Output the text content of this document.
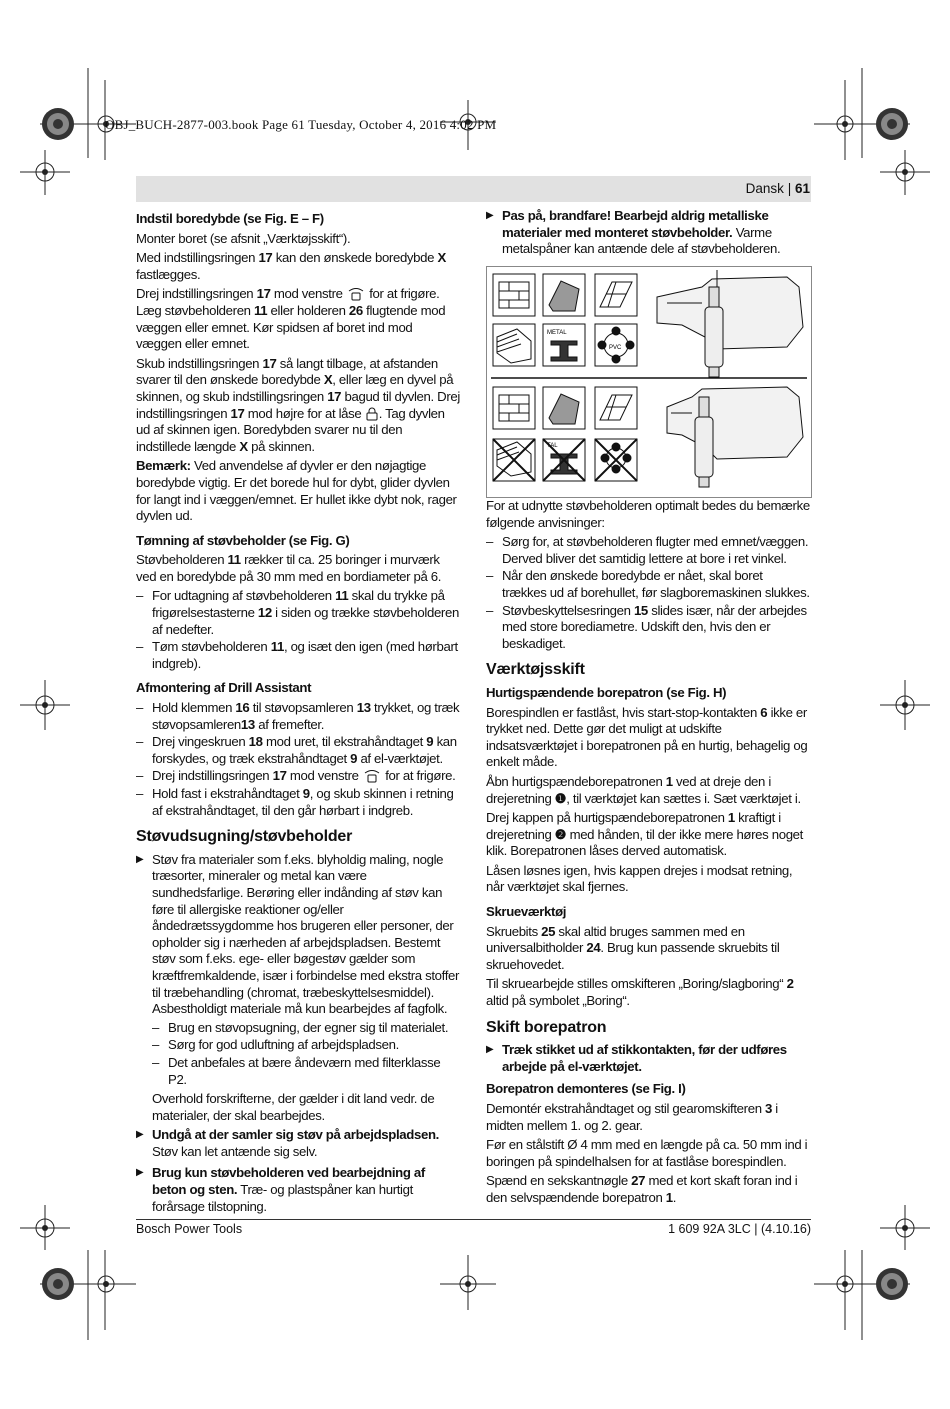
OBJ_BUCH-2877-003.book Page 61 Tuesday, October 4, 2016 4:02 PM
Dansk | 61
Indstil boredybde (se Fig. E – F)

Monter boret (se afsnit „Værktøjsskift“).

Med indstillingsringen 17 kan den ønskede boredybde X fastlægges.

Drej indstillingsringen 17 mod venstre  for at frigøre. Læg støvbeholderen 11 eller holderen 26 flugtende mod væggen eller emnet. Kør spidsen af boret ind mod væggen eller emnet.

Skub indstillingsringen 17 så langt tilbage, at afstanden svarer til den ønskede boredybde X, eller læg en dyvel på skinnen, og skub indstillingsringen 17 bagud til dyvlen. Drej indstillingsringen 17 mod højre for at låse . Tag dyvlen ud af skinnen igen. Boredybden svarer nu til den indstillede længde X på skinnen.

Bemærk: Ved anvendelse af dyvler er den nøjagtige boredybde vigtig. Er det borede hul for dybt, glider dyvlen for langt ind i væggen/emnet. Er hullet ikke dybt nok, rager dyvlen ud.

Tømning af støvbeholder (se Fig. G)

Støvbeholderen 11 rækker til ca. 25 boringer i murværk ved en boredybde på 30 mm med en bordiameter på 6.

– For udtagning af støvbeholderen 11 skal du trykke på frigørelsestasterne 12 i siden og trække støvbeholderen af nedefter.
– Tøm støvbeholderen 11, og isæt den igen (med hørbart indgreb).
Afmontering af Drill Assistant
– Hold klemmen 16 til støvopsamleren 13 trykket, og træk støvopsamleren13 af fremefter.
– Drej vingeskruen 18 mod uret, til ekstrahåndtaget 9 kan forskydes, og træk ekstrahåndtaget 9 af el-værktøjet.
– Drej indstillingsringen 17 mod venstre  for at frigøre.
– Hold fast i ekstrahåndtaget 9, og skub skinnen i retning af ekstrahåndtaget, til den går hørbart i indgreb.
Støvudsugning/støvbeholder
▶ Støv fra materialer som f.eks. blyholdig maling, nogle træsorter, mineraler og metal kan være sundhedsfarlige. Berøring eller indånding af støv kan føre til allergiske reaktioner og/eller åndedrætssygdomme hos brugeren eller personer, der opholder sig i nærheden af arbejdspladsen. Bestemt støv som f.eks. ege- eller bøgestøv gælder som kræftfremkaldende, især i forbindelse med ekstra stoffer til træbehandling (chromat, træbeskyttelsesmiddel). Asbestholdigt materiale må kun bearbejdes af fagfolk.
– Brug en støvopsugning, der egner sig til materialet.
– Sørg for god udluftning af arbejdspladsen.
– Det anbefales at bære åndeværn med filterklasse P2.

Overhold forskrifterne, der gælder i dit land vedr. de materialer, der skal bearbejdes.

▶ Undgå at der samler sig støv på arbejdspladsen. Støv kan let antænde sig selv.
▶ Brug kun støvbeholderen ved bearbejdning af beton og sten. Træ- og plastspåner kan hurtigt forårsage tilstopning.
▶ Pas på, brandfare! Bearbejd aldrig metalliske materialer med monteret støvbeholder. Varme metalspåner kan antænde dele af støvbeholderen.
METAL
PVC
TAL

For at udnytte støvbeholderen optimalt bedes du bemærke følgende anvisninger:

– Sørg for, at støvbeholderen flugter med emnet/væggen. Derved bliver det samtidig lettere at bore i ret vinkel.
– Når den ønskede boredybde er nået, skal boret trækkes ud af borehullet, før slagboremaskinen slukkes.
– Støvbeskyttelsesringen 15 slides især, når der arbejdes med store borediametre. Udskift den, hvis den er beskadiget.
Værktøjsskift
Hurtigspændende borepatron (se Fig. H)

Borespindlen er fastlåst, hvis start-stop-kontakten 6 ikke er trykket ned. Dette gør det muligt at udskifte indsatsværktøjet i borepatronen på en hurtig, behagelig og enkelt måde.

Åbn hurtigspændeborepatronen 1 ved at dreje den i drejeretning ❶, til værktøjet kan sættes i. Sæt værktøjet i.

Drej kappen på hurtigspændeborepatronen 1 kraftigt i drejeretning ❷ med hånden, til der ikke mere høres noget klik. Borepatronen låses derved automatisk.

Låsen løsnes igen, hvis kappen drejes i modsat retning, når værktøjet skal fjernes.

Skrueværktøj

Skruebits 25 skal altid bruges sammen med en universalbitholder 24. Brug kun passende skruebits til skruehovedet.

Til skruearbejde stilles omskifteren „Boring/slagboring“ 2 altid på symbolet „Boring“.

Skift borepatron
▶ Træk stikket ud af stikkontakten, før der udføres arbejde på el-værktøjet.
Borepatron demonteres (se Fig. I)

Demontér ekstrahåndtaget og stil gearomskifteren 3 i midten mellem 1. og 2. gear.

Før en stålstift Ø 4 mm med en længde på ca. 50 mm ind i boringen på spindelhalsen for at fastlåse borespindlen.

Spænd en sekskantnøgle 27 med et kort skaft foran ind i den selvspændende borepatron 1.

Bosch Power Tools	1 609 92A 3LC | (4.10.16)
